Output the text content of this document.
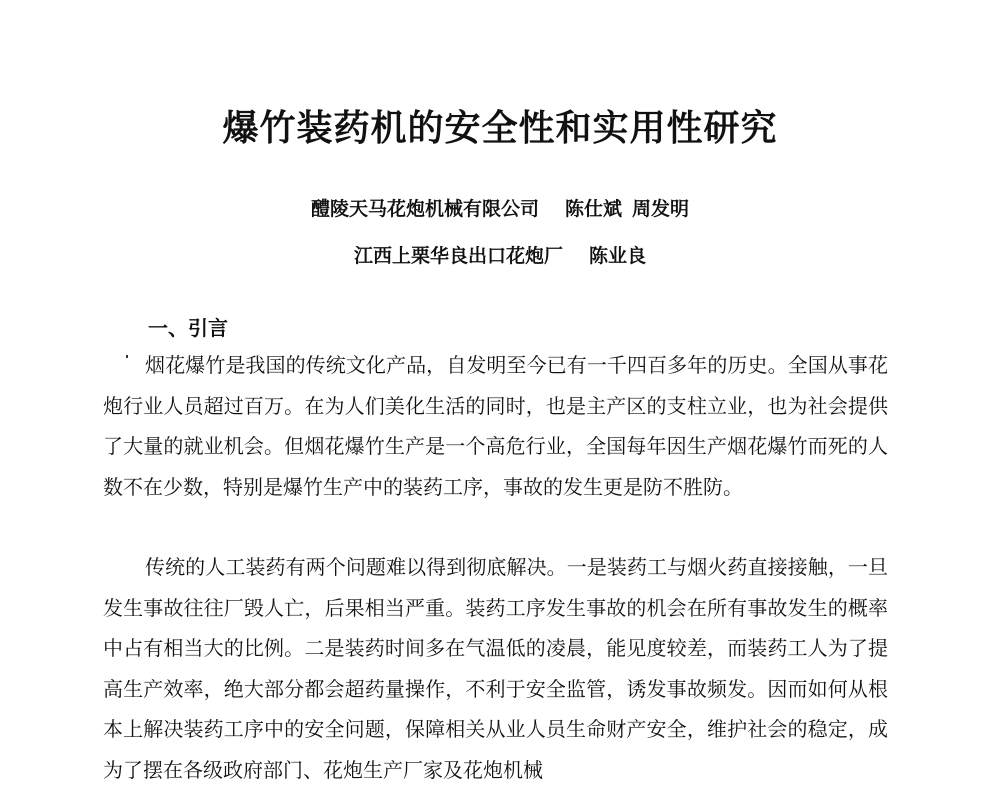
爆竹装药机的安全性和实用性研究
醴陵天马花炮机械有限公司 陈仕斌 周发明
江西上栗华良出口花炮厂 陈业良
一、引言

烟花爆竹是我国的传统文化产品，自发明至今已有一千四百多年的历史。全国从事花炮行业人员超过百万。在为人们美化生活的同时，也是主产区的支柱立业，也为社会提供了大量的就业机会。但烟花爆竹生产是一个高危行业，全国每年因生产烟花爆竹而死的人数不在少数，特别是爆竹生产中的装药工序，事故的发生更是防不胜防。

传统的人工装药有两个问题难以得到彻底解决。一是装药工与烟火药直接接触，一旦发生事故往往厂毁人亡，后果相当严重。装药工序发生事故的机会在所有事故发生的概率中占有相当大的比例。二是装药时间多在气温低的凌晨，能见度较差，而装药工人为了提高生产效率，绝大部分都会超药量操作，不利于安全监管，诱发事故频发。因而如何从根本上解决装药工序中的安全问题，保障相关从业人员生命财产安全，维护社会的稳定，成为了摆在各级政府部门、花炮生产厂家及花炮机械
